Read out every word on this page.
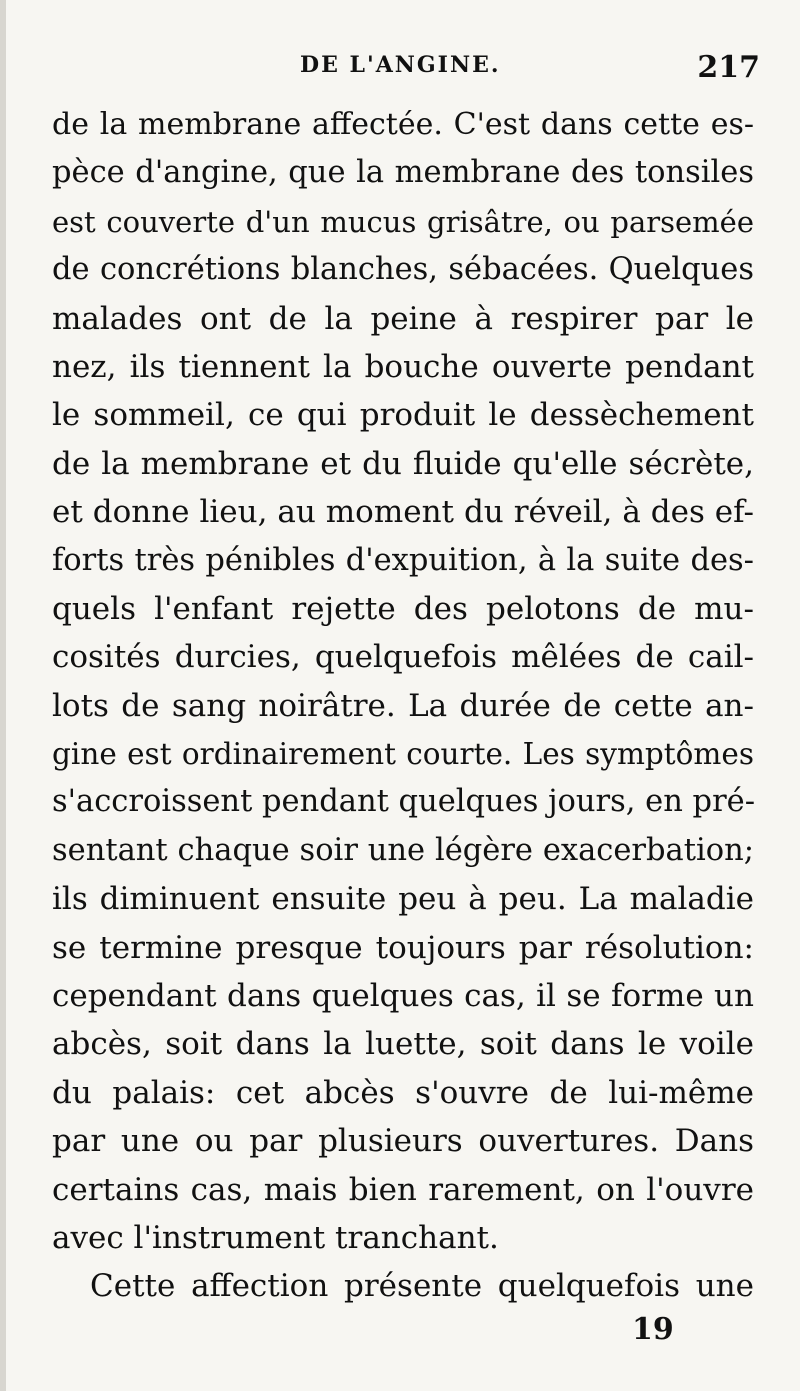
DE L'ANGINE.	217
de la membrane affectée. C'est dans cette es-
pèce d'angine, que la membrane des tonsiles
est couverte d'un mucus grisâtre, ou parsemée
de concrétions blanches, sébacées. Quelques
malades ont de la peine à respirer par le
nez, ils tiennent la bouche ouverte pendant
le sommeil, ce qui produit le dessèchement
de la membrane et du fluide qu'elle sécrète,
et donne lieu, au moment du réveil, à des ef-
forts très pénibles d'expuition, à la suite des-
quels l'enfant rejette des pelotons de mu-
cosités durcies, quelquefois mêlées de cail-
lots de sang noirâtre. La durée de cette an-
gine est ordinairement courte. Les symptômes
s'accroissent pendant quelques jours, en pré-
sentant chaque soir une légère exacerbation;
ils diminuent ensuite peu à peu. La maladie
se termine presque toujours par résolution:
cependant dans quelques cas, il se forme un
abcès, soit dans la luette, soit dans le voile
du palais: cet abcès s'ouvre de lui-même
par une ou par plusieurs ouvertures. Dans
certains cas, mais bien rarement, on l'ouvre
avec l'instrument tranchant.
Cette affection présente quelquefois une
19
